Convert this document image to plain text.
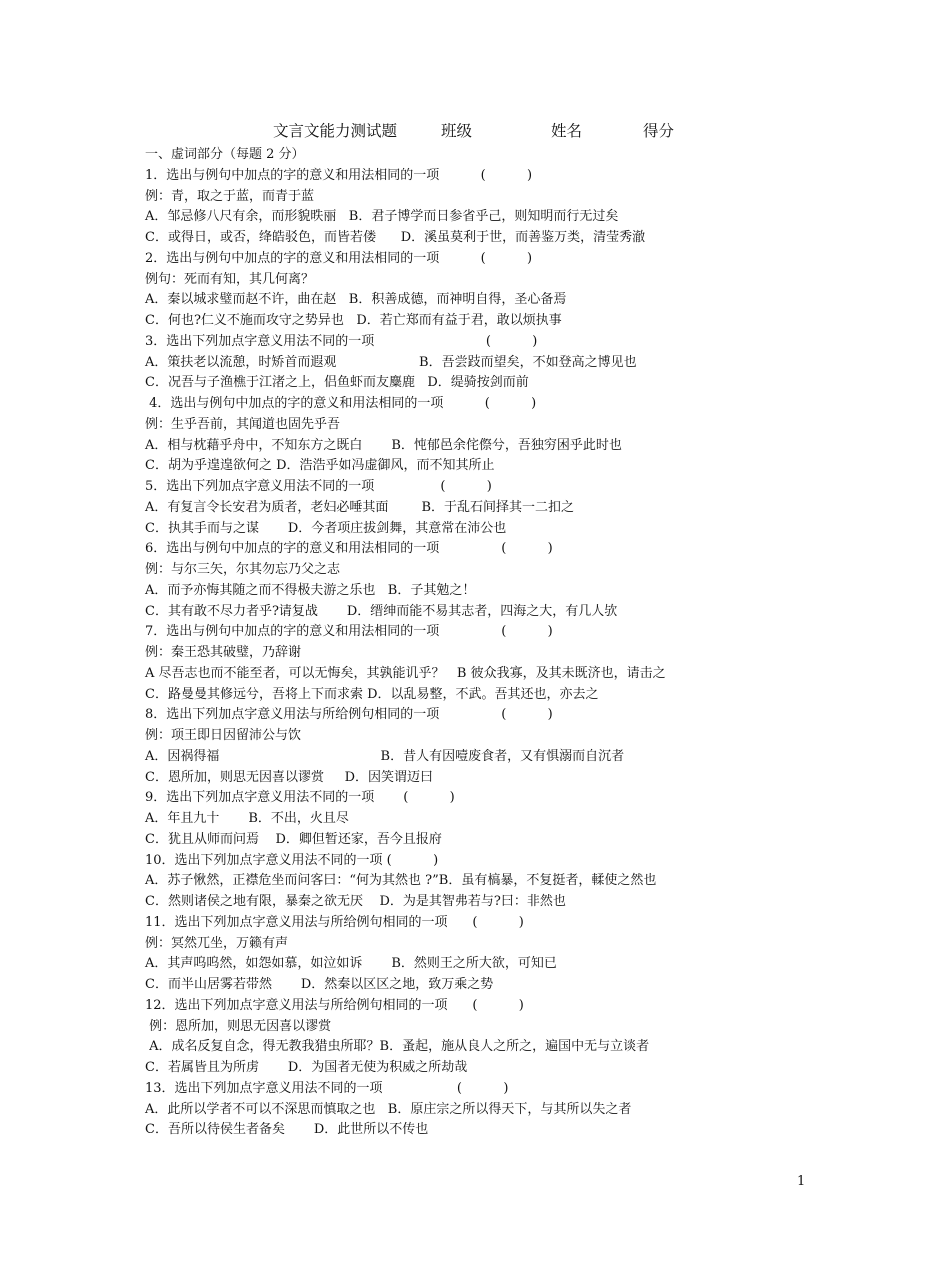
文言文能力测试题	班级	姓名	得分
一、虚词部分（每题 2 分）
1．选出与例句中加点的字的意义和用法相同的一项          (          )
例：青，取之于蓝，而青于蓝
A．邹忌修八尺有余，而形貌昳丽   B．君子博学而日参省乎己，则知明而行无过矣
C．或得日，或否，绛皓驳色，而皆若偻      D．溪虽莫利于世，而善鉴万类，清莹秀澈
2．选出与例句中加点的字的意义和用法相同的一项          (          )
例句：死而有知，其几何离？
A．秦以城求璧而赵不许，曲在赵   B．积善成德，而神明自得，圣心备焉
C．何也?仁义不施而攻守之势异也   D．若亡郑而有益于君，敢以烦执事
3．选出下列加点字意义用法不同的一项                           (          )
A．策扶老以流憩，时矫首而遐观                    B．吾尝跂而望矣，不如登高之博见也
C．况吾与子渔樵于江渚之上，侣鱼虾而友麋鹿   D．缇骑按剑而前
4．选出与例句中加点的字的意义和用法相同的一项          (          )
例：生乎吾前，其闻道也固先乎吾
A．相与枕藉乎舟中，不知东方之既白       B．忳郁邑余侘傺兮，吾独穷困乎此时也
C．胡为乎遑遑欲何之 D．浩浩乎如冯虚御风，而不知其所止
5．选出下列加点字意义用法不同的一项                (          )
A．有复言令长安君为质者，老妇必唾其面        B．于乱石间择其一二扣之
C．执其手而与之谋       D．今者项庄拔剑舞，其意常在沛公也
6．选出与例句中加点的字的意义和用法相同的一项               (          )
例：与尔三矢，尔其勿忘乃父之志
A．而予亦悔其随之而不得极夫游之乐也   B．子其勉之！
C．其有敢不尽力者乎?请复战       D．缙绅而能不易其志者，四海之大，有几人欤
7．选出与例句中加点的字的意义和用法相同的一项               (          )
例：秦王恐其破璧，乃辞谢
A 尽吾志也而不能至者，可以无悔矣，其孰能讥乎？   B 彼众我寡，及其未既济也，请击之
C．路曼曼其修远兮，吾将上下而求索 D．以乱易整，不武。吾其还也，亦去之
8．选出下列加点字意义用法与所给例句相同的一项               (          )
例：项王即日因留沛公与饮
A．因祸得福                                       B．昔人有因噎废食者，又有惧溺而自沉者
C．恩所加，则思无因喜以谬赏     D．因笑谓迈曰
9．选出下列加点字意义用法不同的一项       (          )
A．年且九十       B．不出，火且尽
C．犹且从师而问焉    D．卿但暂还家，吾今且报府
10．选出下列加点字意义用法不同的一项 (          )
A．苏子愀然，正襟危坐而问客曰：“何为其然也 ?”B．虽有槁暴，不复挺者，輮使之然也
C．然则诸侯之地有限，暴秦之欲无厌    D．为是其智弗若与?曰：非然也
11．选出下列加点字意义用法与所给例句相同的一项      (          )
例：冥然兀坐，万籁有声
A．其声呜呜然，如怨如慕，如泣如诉       B．然则王之所大欲，可知已
C．而半山居雾若带然       D．然秦以区区之地，致万乘之势
12．选出下列加点字意义用法与所给例句相同的一项      (          )
例：恩所加，则思无因喜以谬赏
A．成名反复自念，得无教我猎虫所耶？B．蚤起，施从良人之所之，遍国中无与立谈者
C．若属皆且为所虏       D．为国者无使为积威之所劫哉
13．选出下列加点字意义用法不同的一项                  (          )
A．此所以学者不可以不深思而慎取之也   B．原庄宗之所以得天下，与其所以失之者
C．吾所以待侯生者备矣       D．此世所以不传也
1
